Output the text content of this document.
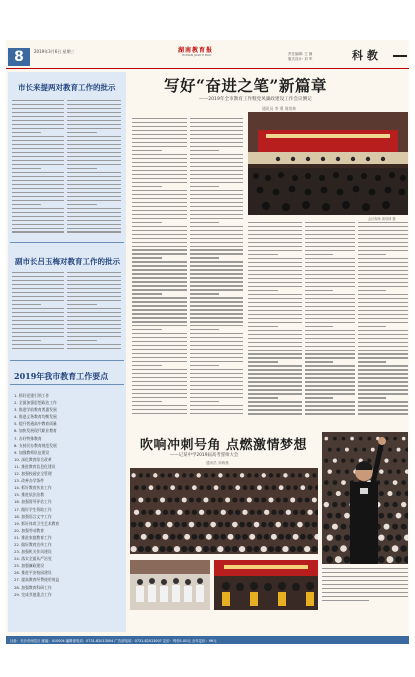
8	2019年3月6日 星期三	湖南教育报
HUNAN JIAOYU BAO	责任编辑: 王 静
版式设计: 刘 军	科 教
市长来提两对教育工作的批示
副市长吕玉梅对教育工作的批示
2019年我市教育工作要点
1. 抓好党建引领工作
2. 全面加强思想政治工作
3. 推进学前教育普惠发展
4. 推进义务教育均衡发展
5. 提升普通高中教育质量
6. 加快发展现代职业教育
7. 办好特殊教育
8. 支持民办教育规范发展
9. 加强教师队伍建设
10. 深化教育综合改革
11. 推进教育信息化建设
12. 加强校园安全管理
13. 改善办学条件
14. 抓好教育扶贫工作
15. 推进依法治教
16. 加强督导评估工作
17. 做好学生资助工作
18. 加强语言文字工作
19. 抓好体育卫生艺术教育
20. 加强劳动教育
21. 推进家庭教育工作
22. 做好教育宣传工作
23. 加强机关作风建设
24. 落实全面从严治党
25. 加强廉政建设
26. 推进平安校园建设
27. 提高教育经费使用效益
28. 加强教育科研工作
29. 完成其他重点工作
写好“奋进之笔”新篇章
——2019年全市教育工作暨党风廉政建设工作会议侧记
通讯员 李 勇 周培林
会议现场 周培林 摄
吹响冲刺号角 点燃激情梦想
——记某中学2019届高考誓师大会
通讯员 刘海燕
社址：长沙市雨花区 邮编：410004 编辑部电话：0731-82013004 广告部电话：0731-82013007 定价：每份1.00元 全年定价：96元
